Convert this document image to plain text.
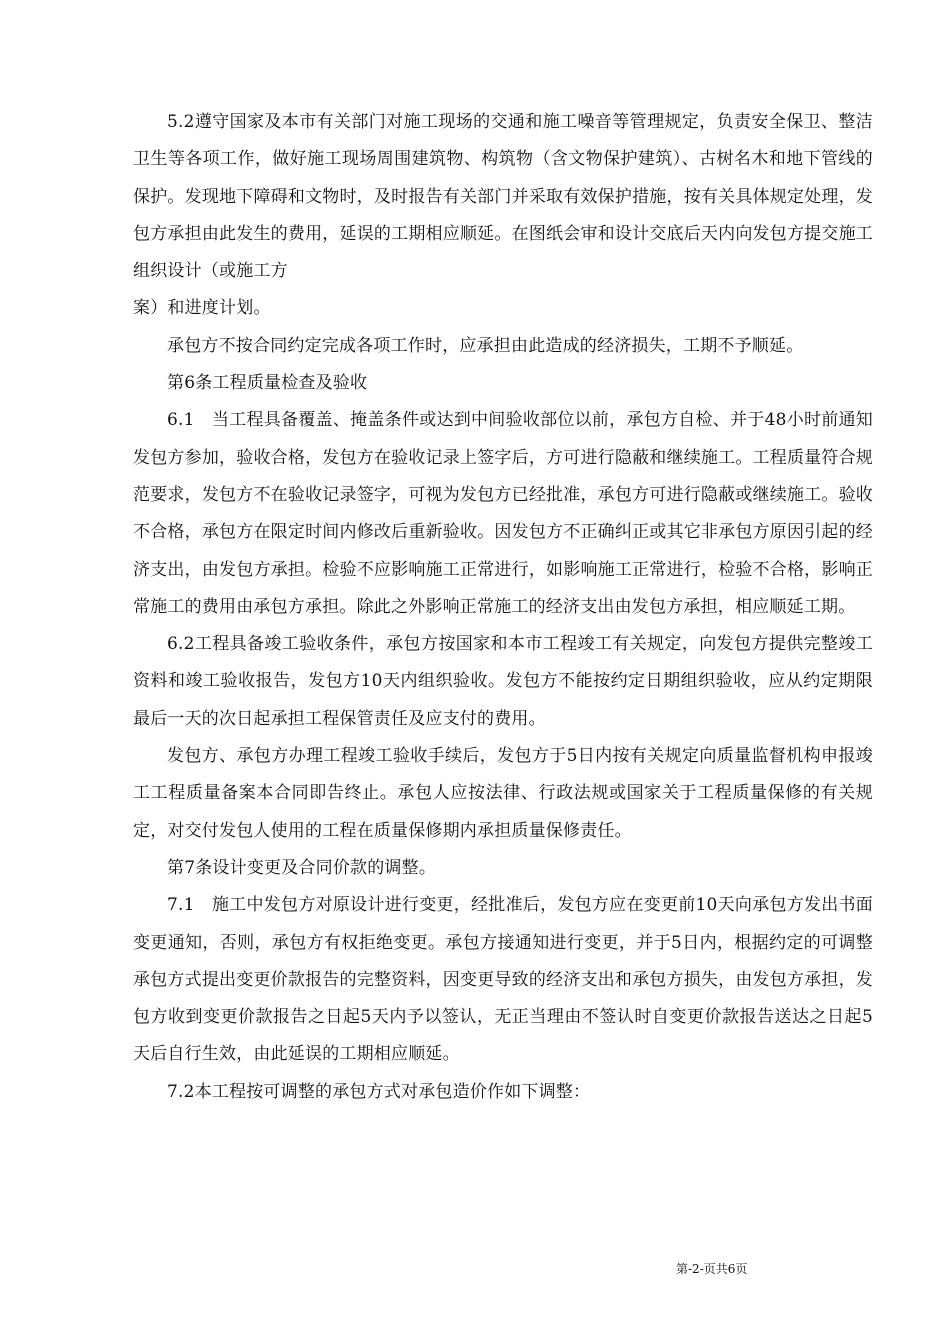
5.2遵守国家及本市有关部门对施工现场的交通和施工噪音等管理规定，负责安全保卫、整洁卫生等各项工作，做好施工现场周围建筑物、构筑物（含文物保护建筑）、古树名木和地下管线的保护。发现地下障碍和文物时，及时报告有关部门并采取有效保护措施，按有关具体规定处理，发包方承担由此发生的费用，延误的工期相应顺延。在图纸会审和设计交底后天内向发包方提交施工组织设计（或施工方

案）和进度计划。

承包方不按合同约定完成各项工作时，应承担由此造成的经济损失，工期不予顺延。

第6条工程质量检查及验收

6.1　当工程具备覆盖、掩盖条件或达到中间验收部位以前，承包方自检、并于48小时前通知发包方参加，验收合格，发包方在验收记录上签字后，方可进行隐蔽和继续施工。工程质量符合规范要求，发包方不在验收记录签字，可视为发包方已经批准，承包方可进行隐蔽或继续施工。验收不合格，承包方在限定时间内修改后重新验收。因发包方不正确纠正或其它非承包方原因引起的经济支出，由发包方承担。检验不应影响施工正常进行，如影响施工正常进行，检验不合格，影响正常施工的费用由承包方承担。除此之外影响正常施工的经济支出由发包方承担，相应顺延工期。

6.2工程具备竣工验收条件，承包方按国家和本市工程竣工有关规定，向发包方提供完整竣工资料和竣工验收报告，发包方10天内组织验收。发包方不能按约定日期组织验收，应从约定期限最后一天的次日起承担工程保管责任及应支付的费用。

发包方、承包方办理工程竣工验收手续后，发包方于5日内按有关规定向质量监督机构申报竣工工程质量备案本合同即告终止。承包人应按法律、行政法规或国家关于工程质量保修的有关规定，对交付发包人使用的工程在质量保修期内承担质量保修责任。

第7条设计变更及合同价款的调整。

7.1　施工中发包方对原设计进行变更，经批准后，发包方应在变更前10天向承包方发出书面变更通知，否则，承包方有权拒绝变更。承包方接通知进行变更，并于5日内，根据约定的可调整承包方式提出变更价款报告的完整资料，因变更导致的经济支出和承包方损失，由发包方承担，发包方收到变更价款报告之日起5天内予以签认，无正当理由不签认时自变更价款报告送达之日起5天后自行生效，由此延误的工期相应顺延。

7.2本工程按可调整的承包方式对承包造价作如下调整：

第-2-页共6页
